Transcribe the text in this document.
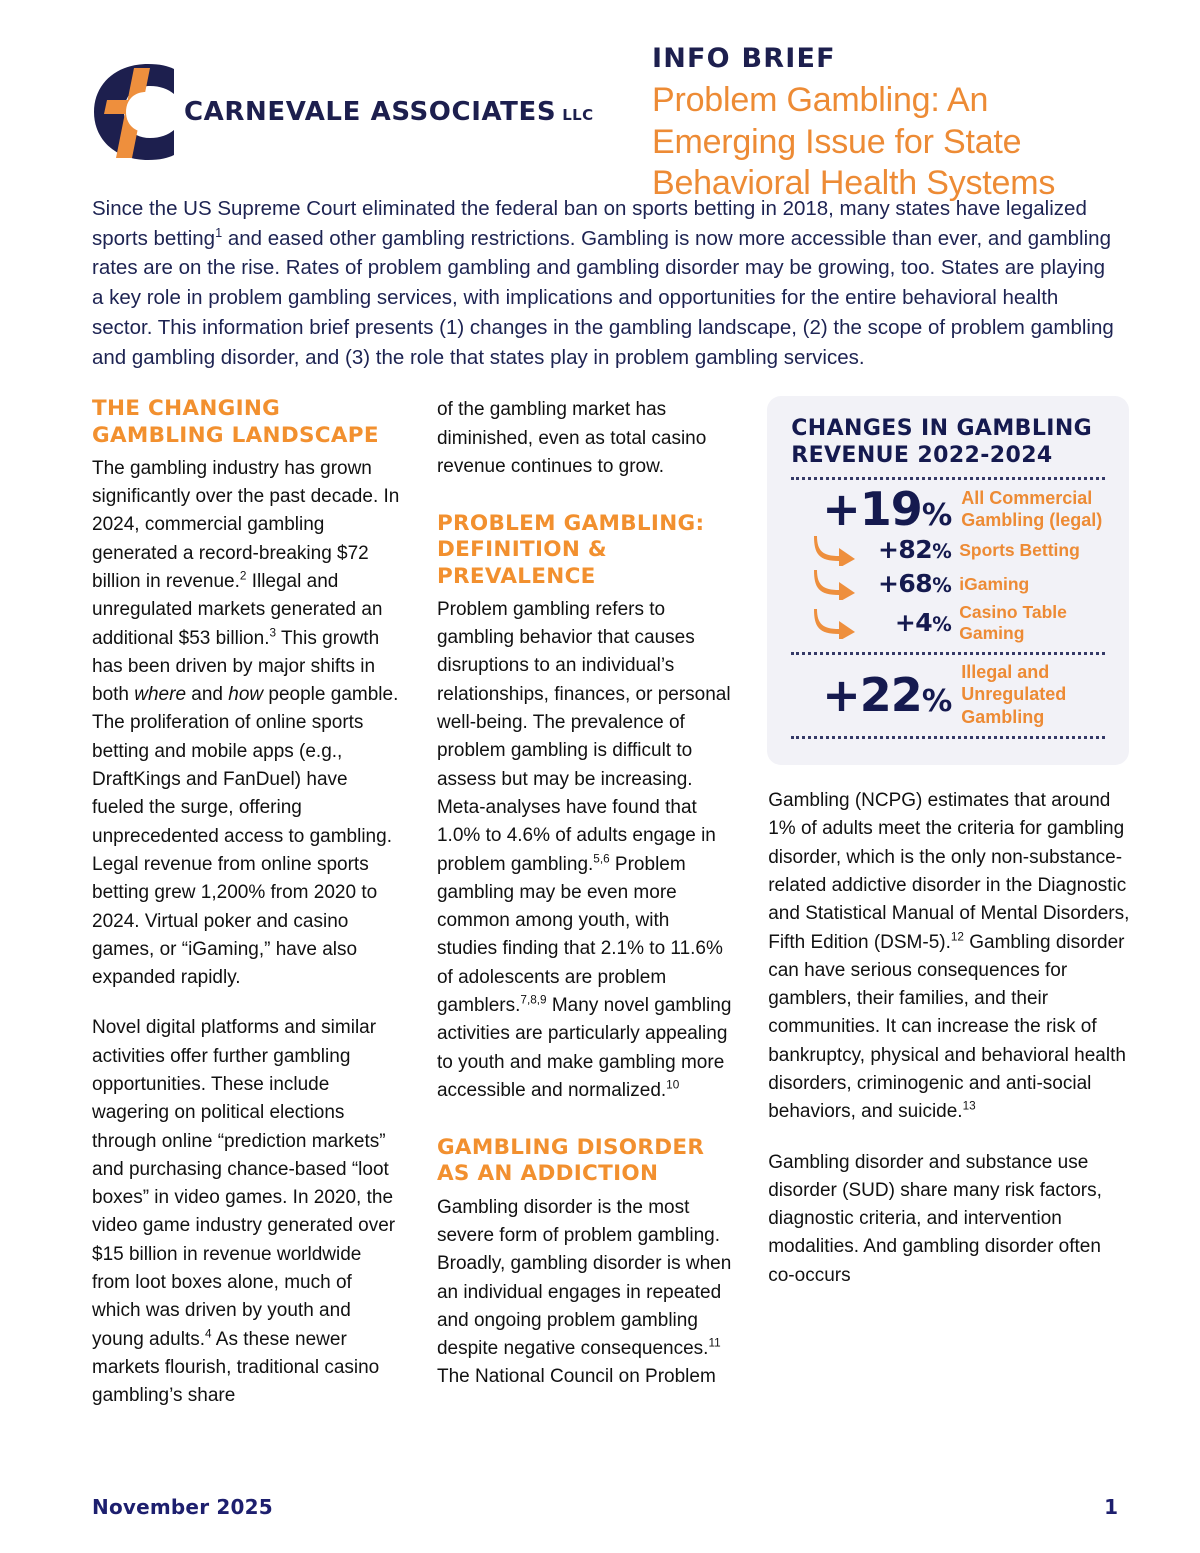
CARNEVALE ASSOCIATES LLC
INFO BRIEF
Problem Gambling: An Emerging Issue for State Behavioral Health Systems
Since the US Supreme Court eliminated the federal ban on sports betting in 2018, many states have legalized sports betting$^1$ and eased other gambling restrictions. Gambling is now more accessible than ever, and gambling rates are on the rise. Rates of problem gambling and gambling disorder may be growing, too. States are playing a key role in problem gambling services, with implications and opportunities for the entire behavioral health sector. This information brief presents (1) changes in the gambling landscape, (2) the scope of problem gambling and gambling disorder, and (3) the role that states play in problem gambling services.
THE CHANGING GAMBLING LANDSCAPE

The gambling industry has grown significantly over the past decade. In 2024, commercial gambling generated a record-breaking $72 billion in revenue.$^2$ Illegal and unregulated markets generated an additional $53 billion.$^3$ This growth has been driven by major shifts in both where and how people gamble. The proliferation of online sports betting and mobile apps (e.g., DraftKings and FanDuel) have fueled the surge, offering unprecedented access to gambling. Legal revenue from online sports betting grew 1,200% from 2020 to 2024. Virtual poker and casino games, or “iGaming,” have also expanded rapidly.

Novel digital platforms and similar activities offer further gambling opportunities. These include wagering on political elections through online “prediction markets” and purchasing chance-based “loot boxes” in video games. In 2020, the video game industry generated over $15 billion in revenue worldwide from loot boxes alone, much of which was driven by youth and young adults.$^4$ As these newer markets flourish, traditional casino gambling’s share

of the gambling market has diminished, even as total casino revenue continues to grow.

PROBLEM GAMBLING: DEFINITION & PREVALENCE

Problem gambling refers to gambling behavior that causes disruptions to an individual’s relationships, finances, or personal well-being. The prevalence of problem gambling is difficult to assess but may be increasing. Meta-analyses have found that 1.0% to 4.6% of adults engage in problem gambling.$^{5,6}$ Problem gambling may be even more common among youth, with studies finding that 2.1% to 11.6% of adolescents are problem gamblers.$^{7,8,9}$ Many novel gambling activities are particularly appealing to youth and make gambling more accessible and normalized.$^{10}$

GAMBLING DISORDER AS AN ADDICTION

Gambling disorder is the most severe form of problem gambling. Broadly, gambling disorder is when an individual engages in repeated and ongoing problem gambling despite negative consequences.$^{11}$ The National Council on Problem

CHANGES IN GAMBLING REVENUE 2022-2024
+19%
All Commercial Gambling (legal)
+82% Sports Betting
+68% iGaming
+4%
Casino Table Gaming
+22%
Illegal and Unregulated Gambling

Gambling (NCPG) estimates that around 1% of adults meet the criteria for gambling disorder, which is the only non-substance-related addictive disorder in the Diagnostic and Statistical Manual of Mental Disorders, Fifth Edition (DSM-5).$^{12}$ Gambling disorder can have serious consequences for gamblers, their families, and their communities. It can increase the risk of bankruptcy, physical and behavioral health disorders, criminogenic and anti-social behaviors, and suicide.$^{13}$

Gambling disorder and substance use disorder (SUD) share many risk factors, diagnostic criteria, and intervention modalities. And gambling disorder often co-occurs

November 2025	1
